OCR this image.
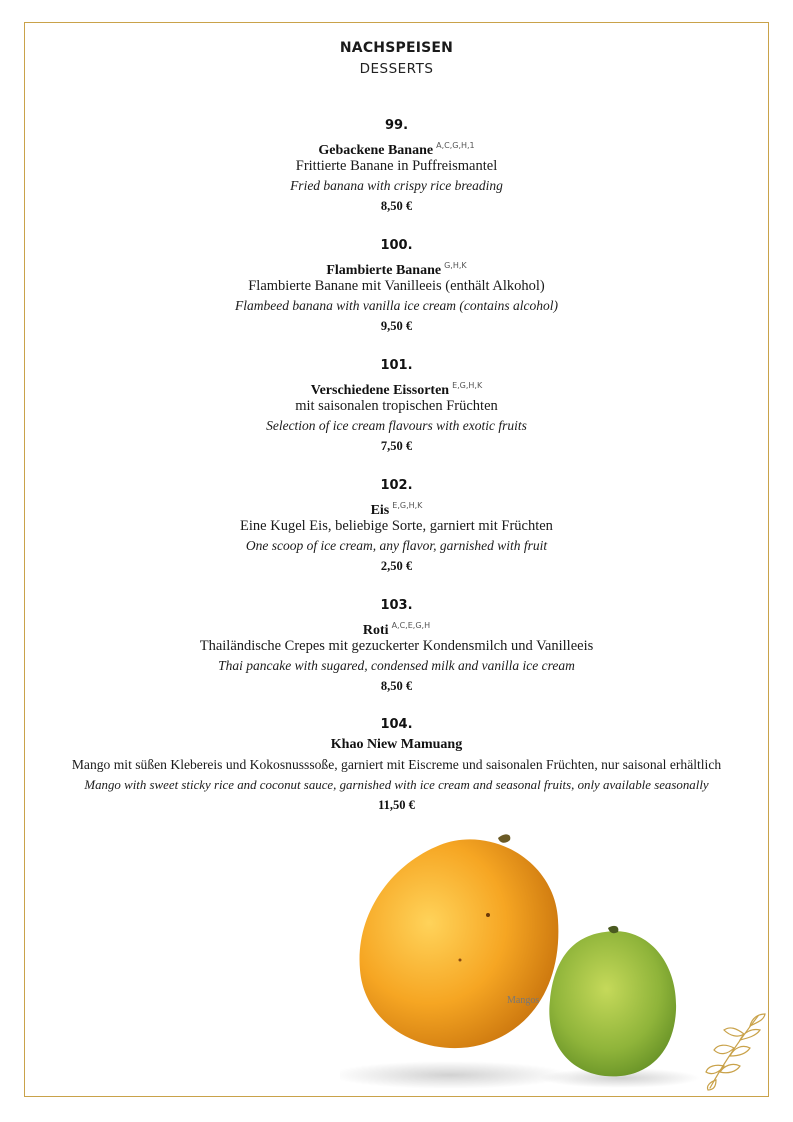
NACHSPEISEN
DESSERTS
99.
Gebackene Banane $^{A,C,G,H,1}$
Frittierte Banane in Puffreismantel
Fried banana with crispy rice breading
8,50 €
100.
Flambierte Banane $^{G,H,K}$
Flambierte Banane mit Vanilleeis (enthält Alkohol)
Flambeed banana with vanilla ice cream (contains alcohol)
9,50 €
101.
Verschiedene Eissorten $^{E,G,H,K}$
mit saisonalen tropischen Früchten
Selection of ice cream flavours with exotic fruits
7,50 €
102.
Eis $^{E,G,H,K}$
Eine Kugel Eis, beliebige Sorte, garniert mit Früchten
One scoop of ice cream, any flavor, garnished with fruit
2,50 €
103.
Roti $^{A,C,E,G,H}$
Thailändische Crepes mit gezuckerter Kondensmilch und Vanilleeis
Thai pancake with sugared, condensed milk and vanilla ice cream
8,50 €
104.
Khao Niew Mamuang
Mango mit süßen Klebereis und Kokosnusssoße, garniert mit Eiscreme und saisonalen Früchten, nur saisonal erhältlich
Mango with sweet sticky rice and coconut sauce, garnished with ice cream and seasonal fruits, only available seasonally
11,50 €
Mangos
